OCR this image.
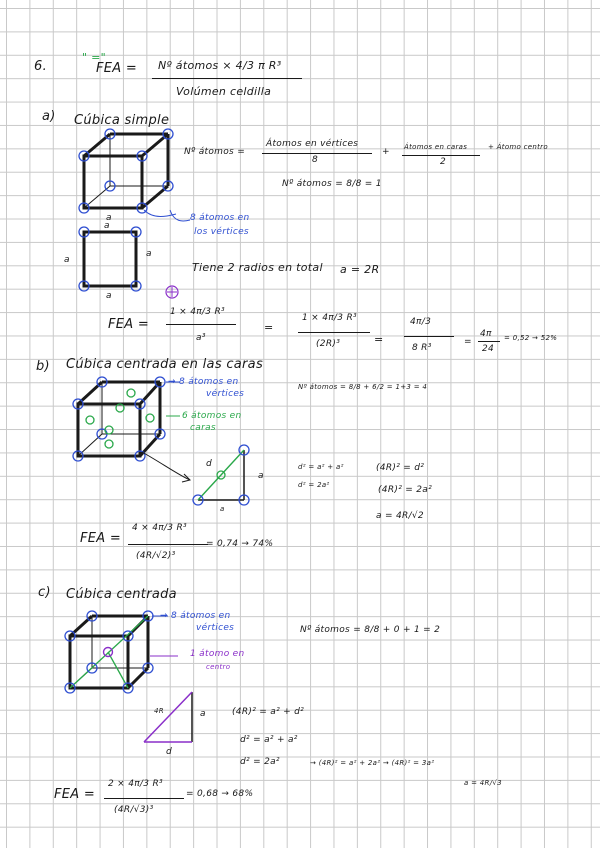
6.	FEA = Nº átomos × 4/3 π R³
Volúmen celdilla
" ="
a) Cúbica simple
a	8 átomos en
los vértices
Nº átomos =
Átomos en vértices
8
+ Átomos en caras
2
+ Átomo centro
Nº átomos = 8/8 = 1
a
a
a
a
Tiene 2 radios en total a = 2R
FEA =
1 × 4π/3 R³
a³
=
1 × 4π/3 R³
(2R)³	=
4π/3
8 R³
=
4π
24
= 0,52 → 52%
b) Cúbica centrada en las caras
→ 8 átomos en
vértices
6 átomos en
caras
Nº átomos = 8/8 + 6/2 = 1+3 = 4
d
a
a
d² = a² + a²
d² = 2a²
(4R)² = d²
(4R)² = 2a²
a = 4R/√2
FEA =
4 × 4π/3 R³
(4R/√2)³
= 0,74 → 74%
c) Cúbica centrada
→ 8 átomos en
vértices
1 átomo en
centro
Nº átomos = 8/8 + 0 + 1 = 2
4R	a
d
(4R)² = a² + d²
d² = a² + a²
d² = 2a²	→ (4R)² = a² + 2a² → (4R)² = 3a²
a = 4R/√3
FEA =
2 × 4π/3 R³
(4R/√3)³
= 0,68 → 68%
